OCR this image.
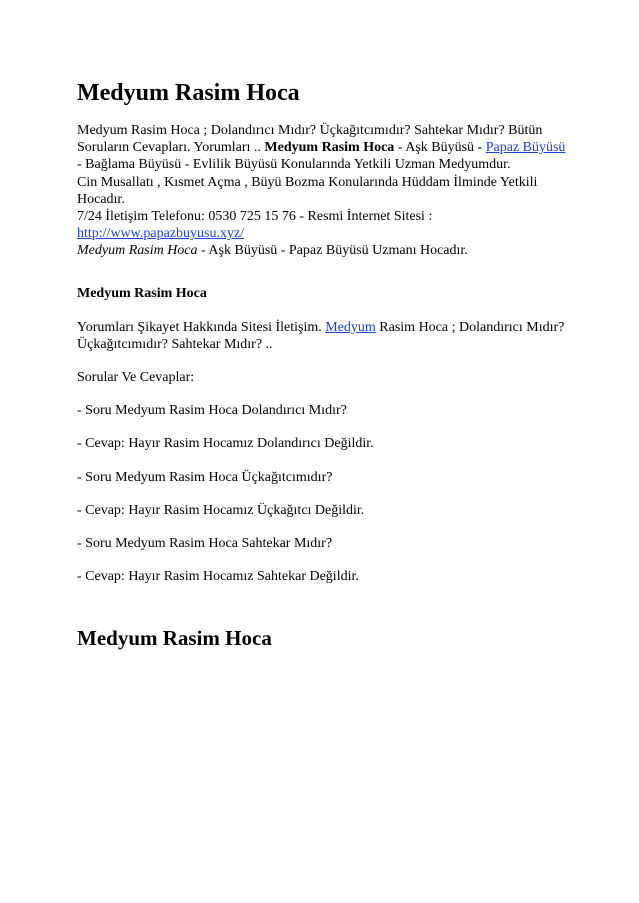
Medyum Rasim Hoca
Medyum Rasim Hoca ; Dolandırıcı Mıdır? Üçkağıtcımıdır? Sahtekar Mıdır? Bütün Soruların Cevapları. Yorumları .. Medyum Rasim Hoca - Aşk Büyüsü - Papaz Büyüsü - Bağlama Büyüsü - Evlilik Büyüsü Konularında Yetkili Uzman Medyumdur.
Cin Musallatı , Kısmet Açma , Büyü Bozma Konularında Hüddam İlminde Yetkili Hocadır.
7/24 İletişim Telefonu: 0530 725 15 76 - Resmi İnternet Sitesi :
http://www.papazbuyusu.xyz/
Medyum Rasim Hoca - Aşk Büyüsü - Papaz Büyüsü Uzmanı Hocadır.
Medyum Rasim Hoca
Yorumları Şikayet Hakkında Sitesi İletişim. Medyum Rasim Hoca ; Dolandırıcı Mıdır? Üçkağıtcımıdır? Sahtekar Mıdır? ..
Sorular Ve Cevaplar:
- Soru Medyum Rasim Hoca Dolandırıcı Mıdır?
- Cevap: Hayır Rasim Hocamız Dolandırıcı Değildir.
- Soru Medyum Rasim Hoca Üçkağıtcımıdır?
- Cevap: Hayır Rasim Hocamız Üçkağıtcı Değildir.
- Soru Medyum Rasim Hoca Sahtekar Mıdır?
- Cevap: Hayır Rasim Hocamız Sahtekar Değildir.
Medyum Rasim Hoca
